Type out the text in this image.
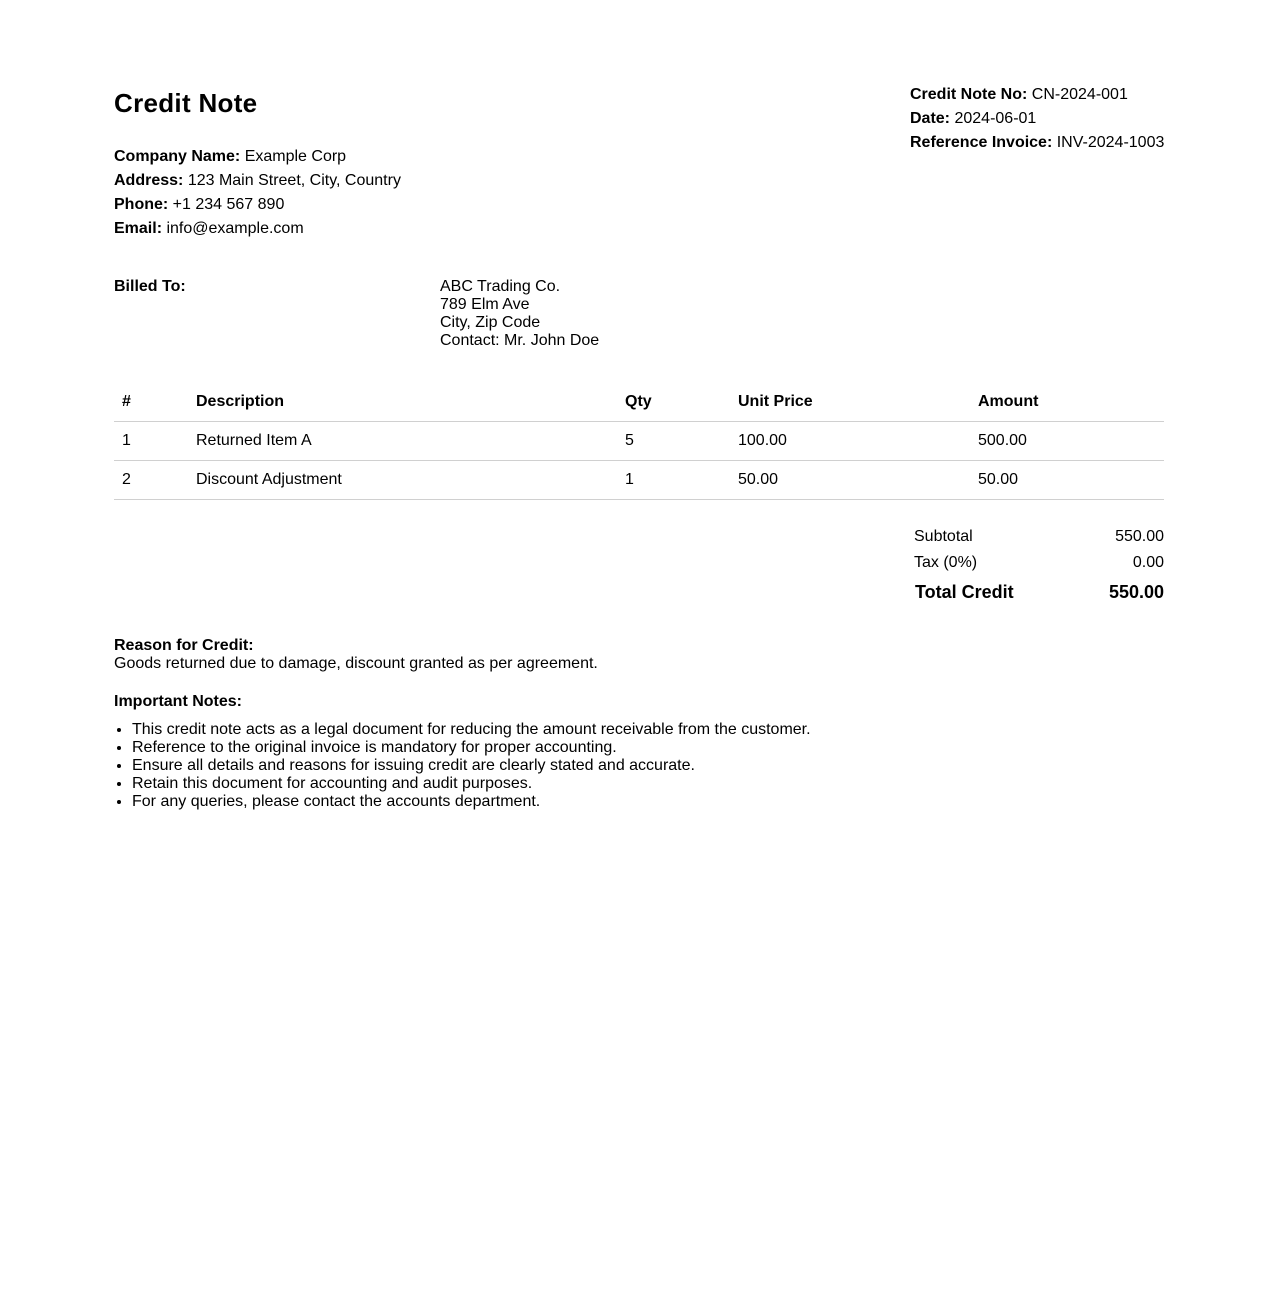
Credit Note
Company Name: Example Corp
Address: 123 Main Street, City, Country
Phone: +1 234 567 890
Email: info@example.com
Credit Note No: CN-2024-001
Date: 2024-06-01
Reference Invoice: INV-2024-1003
Billed To:	ABC Trading Co.
789 Elm Ave
City, Zip Code
Contact: Mr. John Doe
#	Description	Qty	Unit Price	Amount
1	Returned Item A	5	100.00	500.00
2	Discount Adjustment	1	50.00	50.00
Subtotal	550.00
Tax (0%)	0.00
Total Credit	550.00
Reason for Credit:
Goods returned due to damage, discount granted as per agreement.
Important Notes:
• This credit note acts as a legal document for reducing the amount receivable from the customer.
• Reference to the original invoice is mandatory for proper accounting.
• Ensure all details and reasons for issuing credit are clearly stated and accurate.
• Retain this document for accounting and audit purposes.
• For any queries, please contact the accounts department.
